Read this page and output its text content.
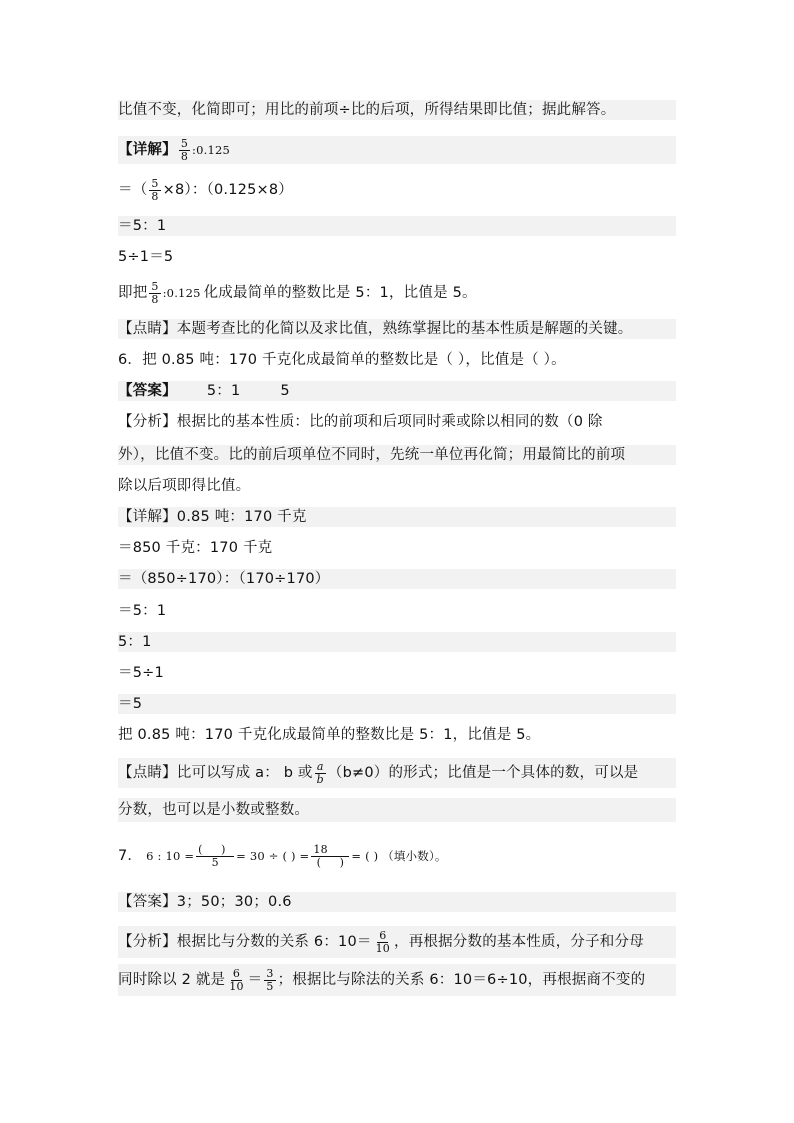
比值不变，化简即可；用比的前项÷比的后项，所得结果即比值；据此解答。
【详解】 $\frac{5}{8}$ :0.125
＝（ $\frac{5}{8} \times 8$）：（0.125×8）
＝5：1
5÷1＝5
即把 $\frac{5}{8}$ :0.125 化成最简单的整数比是 5：1，比值是 5。
【点睛】本题考查比的化简以及求比值，熟练掌握比的基本性质是解题的关键。
6．把 0.85 吨：170 千克化成最简单的整数比是（ ），比值是（ ）。
【答案】 5：1	5
【分析】根据比的基本性质：比的前项和后项同时乘或除以相同的数（0 除
外），比值不变。比的前后项单位不同时，先统一单位再化简；用最简比的前项
除以后项即得比值。
【详解】0.85 吨：170 千克
＝850 千克：170 千克
＝（850÷170）：（170÷170）
＝5：1
5：1
＝5÷1
＝5
把 0.85 吨：170 千克化成最简单的整数比是 5：1，比值是 5。
【点睛】比可以写成 a： b 或 $\frac{a}{b} (b\ne 0)$的形式；比值是一个具体的数，可以是
分数，也可以是小数或整数。
7． 6 : $10 = \frac{( )}{5} = 30$ ÷ ( ) = $\frac{18}{( )}$ = ( ) （填小数）。
【答案】3；50；30；0.6
【分析】根据比与分数的关系 6：$10= \frac{6}{10}$ ，再根据分数的基本性质，分子和分母
同时除以 2 就是 $\frac{6}{10} = \frac{3}{5}$ ；根据比与除法的关系 6：10＝6÷10，再根据商不变的
